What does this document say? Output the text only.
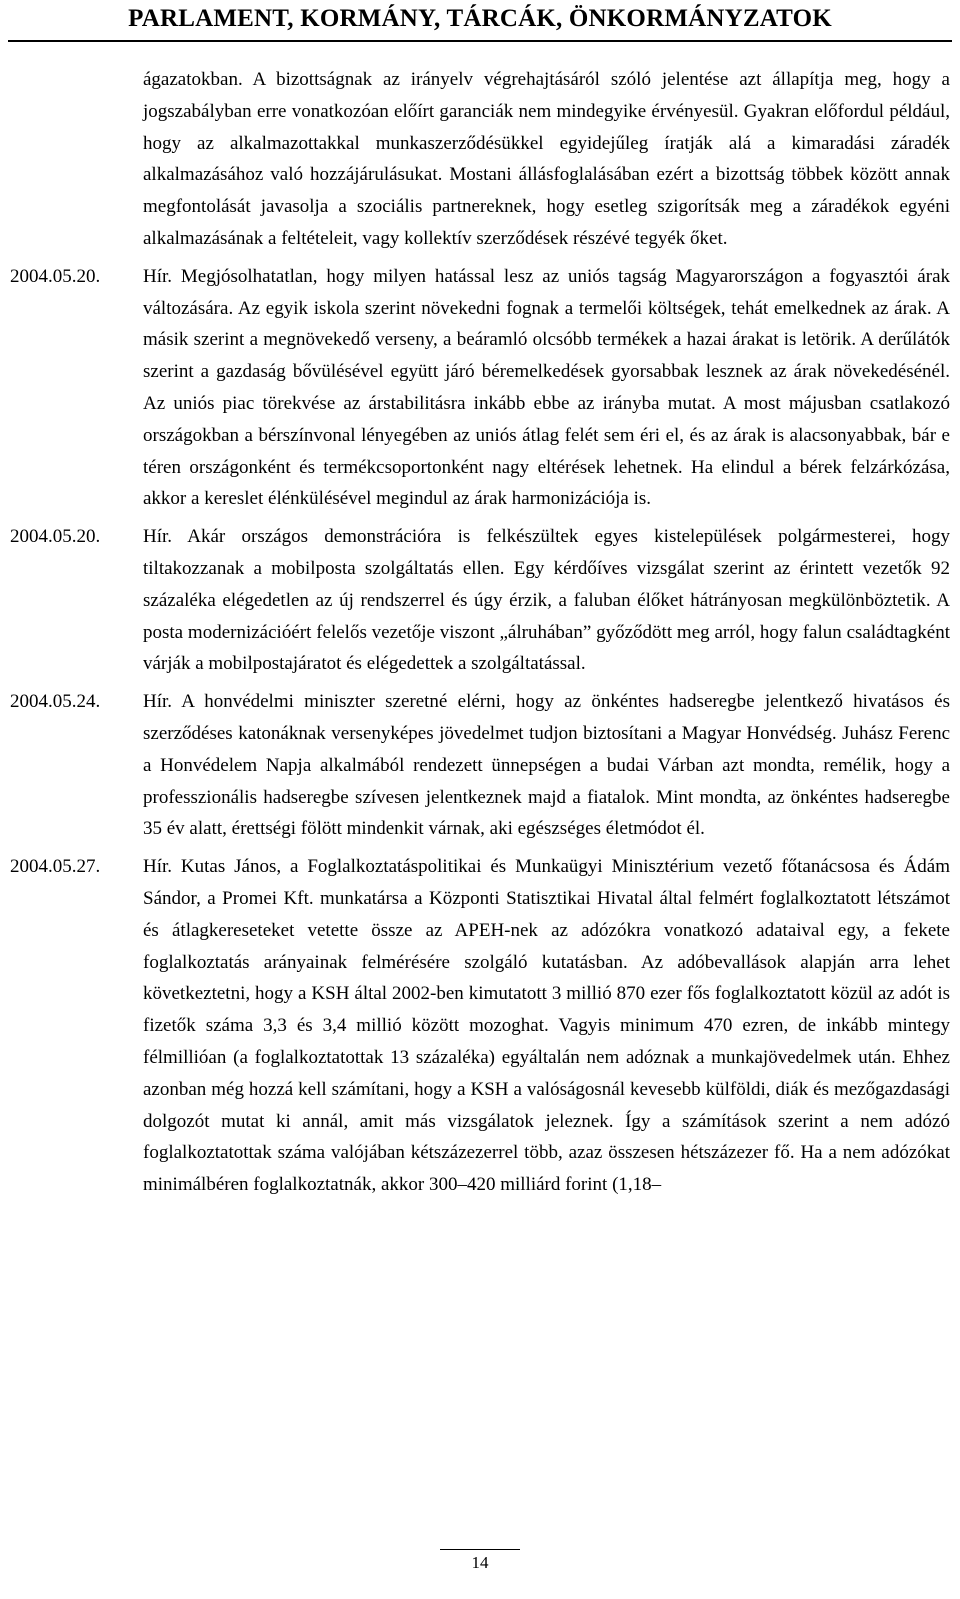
PARLAMENT, KORMÁNY, TÁRCÁK, ÖNKORMÁNYZATOK

ágazatokban. A bizottságnak az irányelv végrehajtásáról szóló jelentése azt állapítja meg, hogy a jogszabályban erre vonatkozóan előírt garanciák nem mindegyike érvényesül. Gyakran előfordul például, hogy az alkalmazottakkal munkaszerződésükkel egyidejűleg íratják alá a kimaradási záradék alkalmazásához való hozzájárulásukat. Mostani állásfoglalásában ezért a bizottság többek között annak megfontolását javasolja a szociális partnereknek, hogy esetleg szigorítsák meg a záradékok egyéni alkalmazásának a feltételeit, vagy kollektív szerződések részévé tegyék őket.

2004.05.20.	Hír. Megjósolhatatlan, hogy milyen hatással lesz az uniós tagság Magyarországon a fogyasztói árak változására. Az egyik iskola szerint növekedni fognak a termelői költségek, tehát emelkednek az árak. A másik szerint a megnövekedő verseny, a beáramló olcsóbb termékek a hazai árakat is letörik. A derűlátók szerint a gazdaság bővülésével együtt járó béremelkedések gyorsabbak lesznek az árak növekedésénél. Az uniós piac törekvése az árstabilitásra inkább ebbe az irányba mutat. A most májusban csatlakozó országokban a bérszínvonal lényegében az uniós átlag felét sem éri el, és az árak is alacsonyabbak, bár e téren országonként és termékcsoportonként nagy eltérések lehetnek. Ha elindul a bérek felzárkózása, akkor a kereslet élénkülésével megindul az árak harmonizációja is.

2004.05.20.	Hír. Akár országos demonstrációra is felkészültek egyes kistelepülések polgármesterei, hogy tiltakozzanak a mobilposta szolgáltatás ellen. Egy kérdőíves vizsgálat szerint az érintett vezetők 92 százaléka elégedetlen az új rendszerrel és úgy érzik, a faluban élőket hátrányosan megkülönböztetik. A posta modernizációért felelős vezetője viszont „álruhában” győződött meg arról, hogy falun családtagként várják a mobilpostajáratot és elégedettek a szolgáltatással.

2004.05.24.	Hír. A honvédelmi miniszter szeretné elérni, hogy az önkéntes hadseregbe jelentkező hivatásos és szerződéses katonáknak versenyképes jövedelmet tudjon biztosítani a Magyar Honvédség. Juhász Ferenc a Honvédelem Napja alkalmából rendezett ünnepségen a budai Várban azt mondta, remélik, hogy a professzionális hadseregbe szívesen jelentkeznek majd a fiatalok. Mint mondta, az önkéntes hadseregbe 35 év alatt, érettségi fölött mindenkit várnak, aki egészséges életmódot él.

2004.05.27.	Hír. Kutas János, a Foglalkoztatáspolitikai és Munkaügyi Minisztérium vezető főtanácsosa és Ádám Sándor, a Promei Kft. munkatársa a Központi Statisztikai Hivatal által felmért foglalkoztatott létszámot és átlagkereseteket vetette össze az APEH-nek az adózókra vonatkozó adataival egy, a fekete foglalkoztatás arányainak felmérésére szolgáló kutatásban. Az adóbevallások alapján arra lehet következtetni, hogy a KSH által 2002-ben kimutatott 3 millió 870 ezer fős foglalkoztatott közül az adót is fizetők száma 3,3 és 3,4 millió között mozoghat. Vagyis minimum 470 ezren, de inkább mintegy félmillióan (a foglalkoztatottak 13 százaléka) egyáltalán nem adóznak a munkajövedelmek után. Ehhez azonban még hozzá kell számítani, hogy a KSH a valóságosnál kevesebb külföldi, diák és mezőgazdasági dolgozót mutat ki annál, amit más vizsgálatok jeleznek. Így a számítások szerint a nem adózó foglalkoztatottak száma valójában kétszázezerrel több, azaz összesen hétszázezer fő. Ha a nem adózókat minimálbéren foglalkoztatnák, akkor 300–420 milliárd forint (1,18–

14
